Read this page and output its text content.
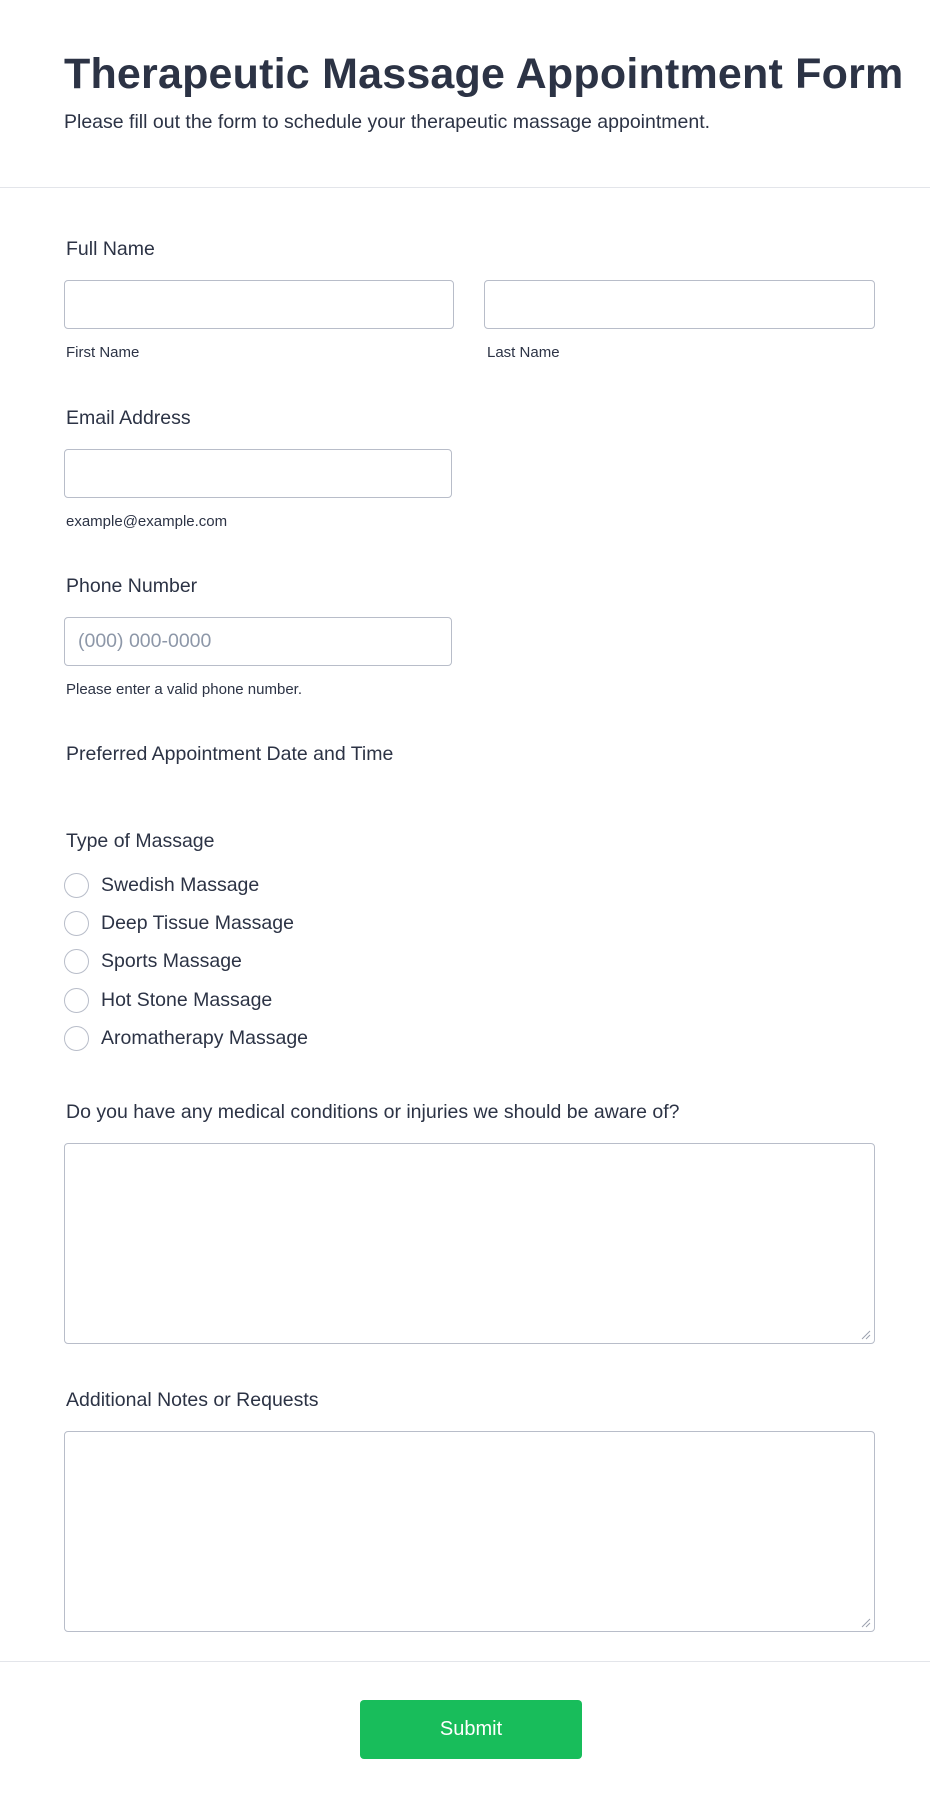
Therapeutic Massage Appointment Form
Please fill out the form to schedule your therapeutic massage appointment.
Full Name
First Name	Last Name
Email Address
example@example.com
Phone Number
(000) 000-0000
Please enter a valid phone number.
Preferred Appointment Date and Time
Type of Massage
Swedish Massage
Deep Tissue Massage
Sports Massage
Hot Stone Massage
Aromatherapy Massage
Do you have any medical conditions or injuries we should be aware of?
Additional Notes or Requests
Submit
